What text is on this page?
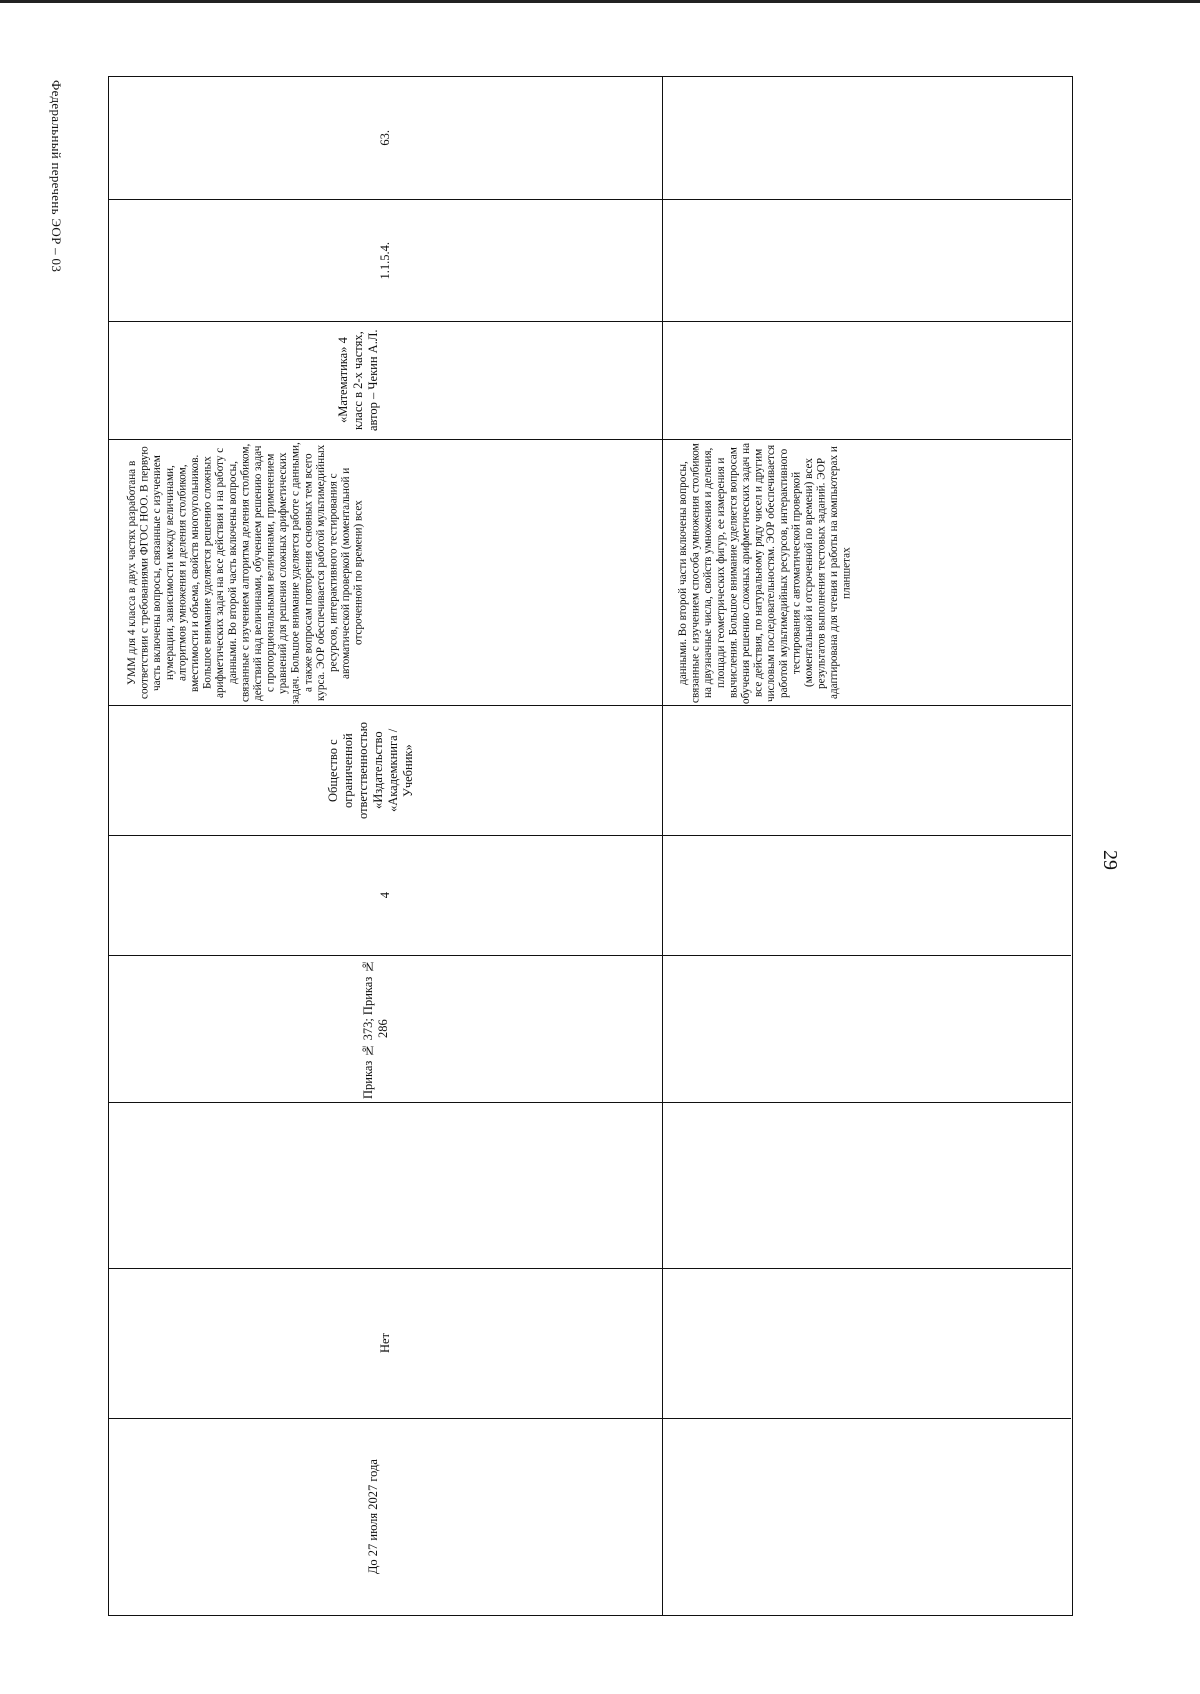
Федеральный перечень ЭОР – 03
29
63.
1.1.5.4.
«Математика» 4 класс в 2-х частях, автор – Чекин А.Л.
УММ для 4 класса в двух частях разработана в соответствии с требованиями ФГОС НОО. В первую часть включены вопросы, связанные с изучением нумерации, зависимости между величинами, алгоритмов умножения и деления столбиком, вместимости и объема, свойств многоугольников. Большое внимание уделяется решению сложных арифметических задач на все действия и на работу с данными. Во второй часть включены вопросы, связанные с изучением алгоритма деления столбиком, действий над величинами, обучением решению задач с пропорциональными величинами, применением уравнений для решения сложных арифметических задач. Большое внимание уделяется работе с данными, а также вопросам повторения основных тем всего курса. ЭОР обеспечивается работой мультимедийных ресурсов, интерактивного тестирования с автоматической проверкой (моментальной и отсроченной по времени) всех
Общество с ограниченной ответственностью «Издательство «Академкнига / Учебник»
4
Приказ № 373; Приказ № 286
Нет
До 27 июля 2027 года
данными. Во второй части включены вопросы, связанные с изучением способа умножения столбиком на двузначные числа, свойств умножения и деления, площади геометрических фигур, ее измерения и вычисления. Большое внимание уделяется вопросам обучения решению сложных арифметических задач на все действия, по натуральному ряду чисел и другим числовым последовательностям. ЭОР обеспечивается работой мультимедийных ресурсов, интерактивного тестирования с автоматической проверкой (моментальной и отсроченной по времени) всех результатов выполнения тестовых заданий. ЭОР адаптирована для чтения и работы на компьютерах и планшетах
